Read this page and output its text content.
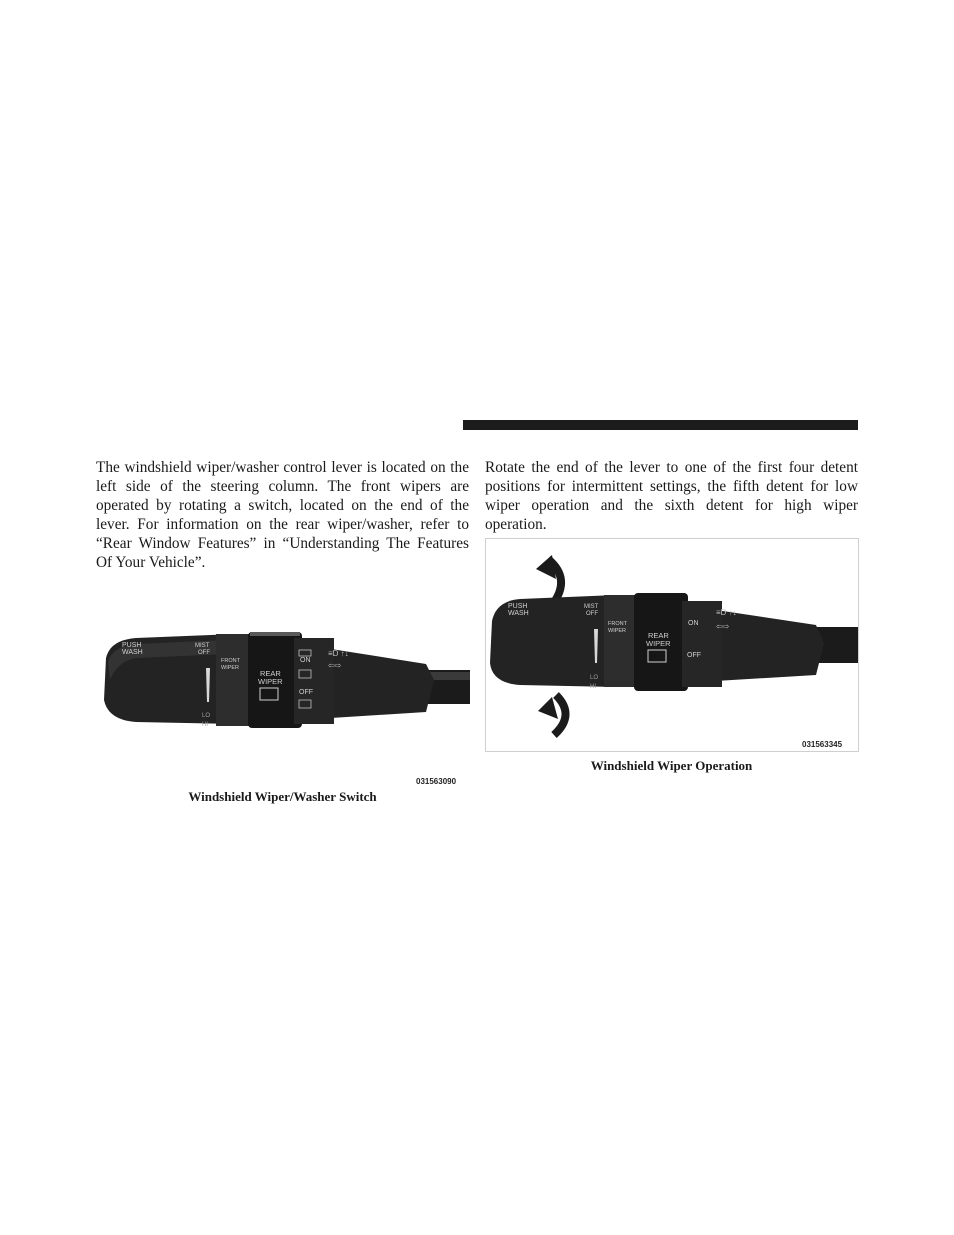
The windshield wiper/washer control lever is located on the left side of the steering column. The front wipers are operated by rotating a switch, located on the end of the lever. For information on the rear wiper/washer, refer to “Rear Window Features” in “Understanding The Features Of Your Vehicle”.
Rotate the end of the lever to one of the first four detent positions for intermittent settings, the fifth detent for low wiper operation and the sixth detent for high wiper operation.
PUSH
WASH
MIST
OFF
FRONT
WIPER
REAR
WIPER
ON
OFF
LO
HI
≡D ↑↓
⇦⇨
031563090
Windshield Wiper/Washer Switch
PUSH
WASH
MIST
OFF
FRONT
WIPER	REAR
WIPER
ON
OFF
LO
HI
≡D ↑↓
⇦⇨
031563345
Windshield Wiper Operation
